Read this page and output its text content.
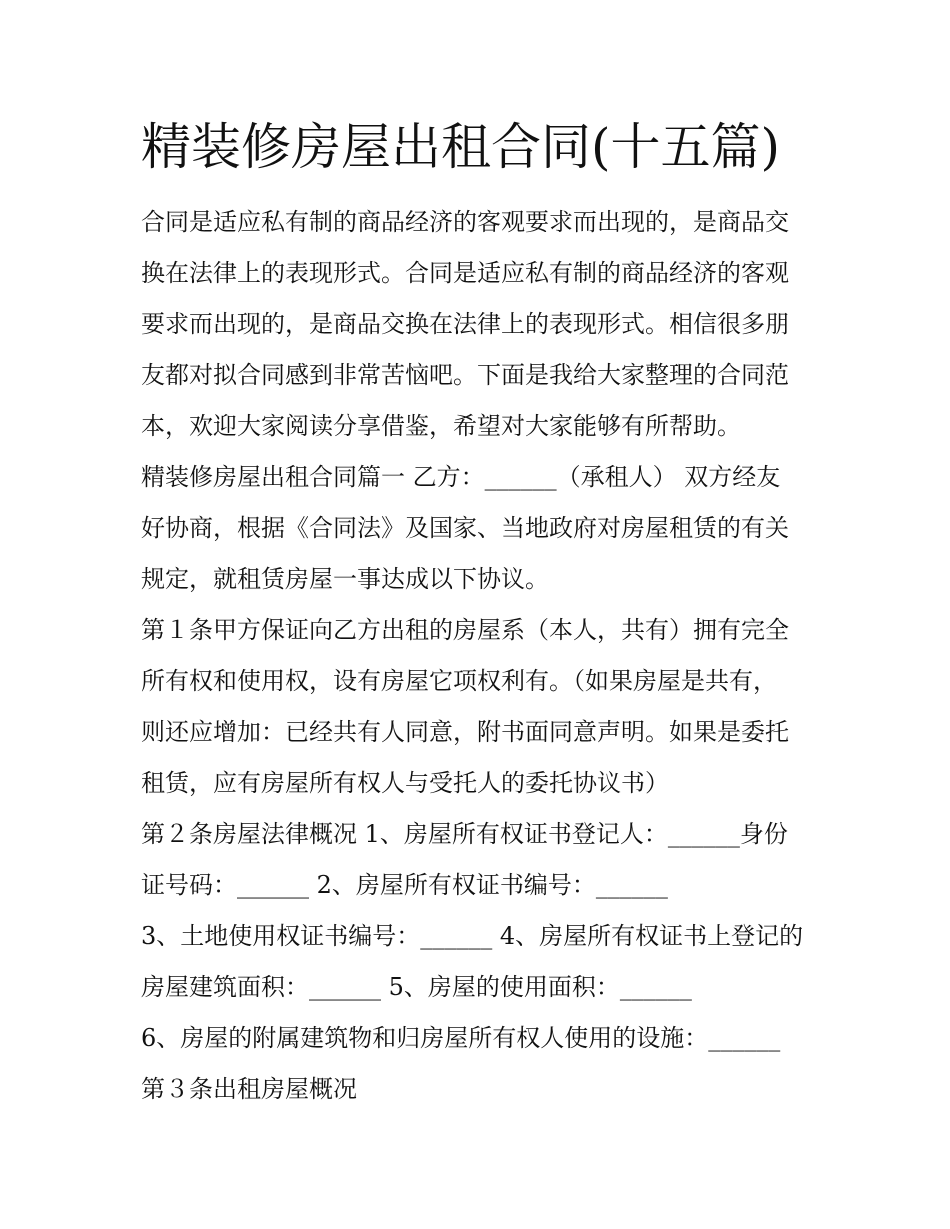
精装修房屋出租合同(十五篇)

合同是适应私有制的商品经济的客观要求而出现的，是商品交

换在法律上的表现形式。合同是适应私有制的商品经济的客观

要求而出现的，是商品交换在法律上的表现形式。相信很多朋

友都对拟合同感到非常苦恼吧。下面是我给大家整理的合同范

本，欢迎大家阅读分享借鉴，希望对大家能够有所帮助。

精装修房屋出租合同篇一 乙方：______（承租人） 双方经友

好协商，根据《合同法》及国家、当地政府对房屋租赁的有关

规定，就租赁房屋一事达成以下协议。

第１条甲方保证向乙方出租的房屋系（本人，共有）拥有完全

所有权和使用权，设有房屋它项权利有。（如果房屋是共有，

则还应增加：已经共有人同意，附书面同意声明。如果是委托

租赁，应有房屋所有权人与受托人的委托协议书）

第２条房屋法律概况 1、房屋所有权证书登记人：______身份

证号码：______ 2、房屋所有权证书编号：______

3、土地使用权证书编号：______ 4、房屋所有权证书上登记的

房屋建筑面积：______ 5、房屋的使用面积：______

6、房屋的附属建筑物和归房屋所有权人使用的设施：______

第３条出租房屋概况
